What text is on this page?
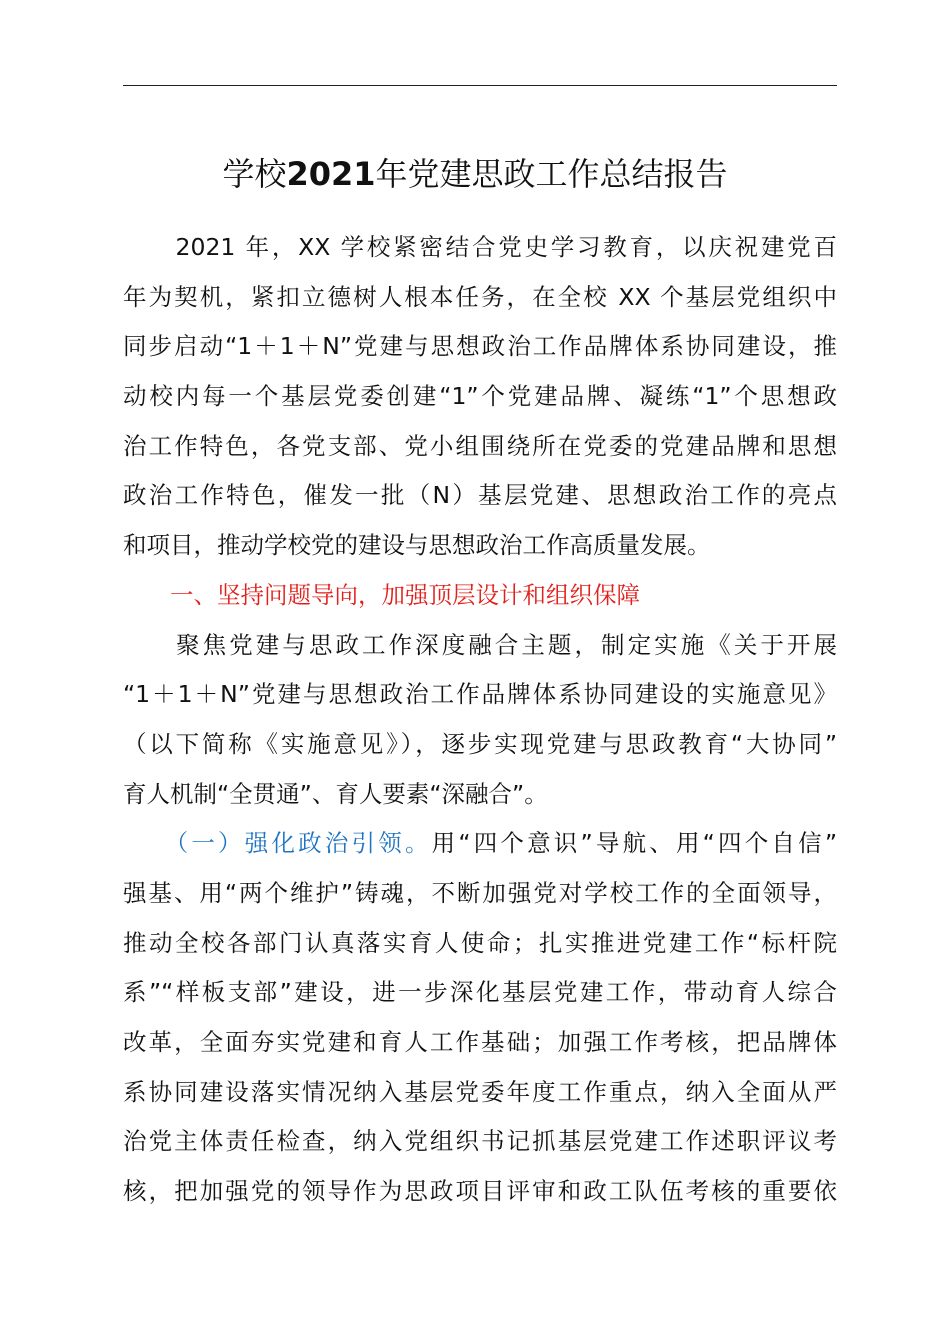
学校2021年党建思政工作总结报告
　　2021 年，XX 学校紧密结合党史学习教育，以庆祝建党百
年为契机，紧扣立德树人根本任务，在全校 XX 个基层党组织中
同步启动“1＋1＋N”党建与思想政治工作品牌体系协同建设，推
动校内每一个基层党委创建“1”个党建品牌、凝练“1”个思想政
治工作特色，各党支部、党小组围绕所在党委的党建品牌和思想
政治工作特色，催发一批（N）基层党建、思想政治工作的亮点
和项目，推动学校党的建设与思想政治工作高质量发展。
一、坚持问题导向，加强顶层设计和组织保障
　　聚焦党建与思政工作深度融合主题，制定实施《关于开展
“1＋1＋N”党建与思想政治工作品牌体系协同建设的实施意见》
（以下简称《实施意见》），逐步实现党建与思政教育“大协同”
育人机制“全贯通”、育人要素“深融合”。
　　（一）强化政治引领。用“四个意识”导航、用“四个自信”
强基、用“两个维护”铸魂，不断加强党对学校工作的全面领导，
推动全校各部门认真落实育人使命；扎实推进党建工作“标杆院
系”“样板支部”建设，进一步深化基层党建工作，带动育人综合
改革，全面夯实党建和育人工作基础；加强工作考核，把品牌体
系协同建设落实情况纳入基层党委年度工作重点，纳入全面从严
治党主体责任检查，纳入党组织书记抓基层党建工作述职评议考
核，把加强党的领导作为思政项目评审和政工队伍考核的重要依
